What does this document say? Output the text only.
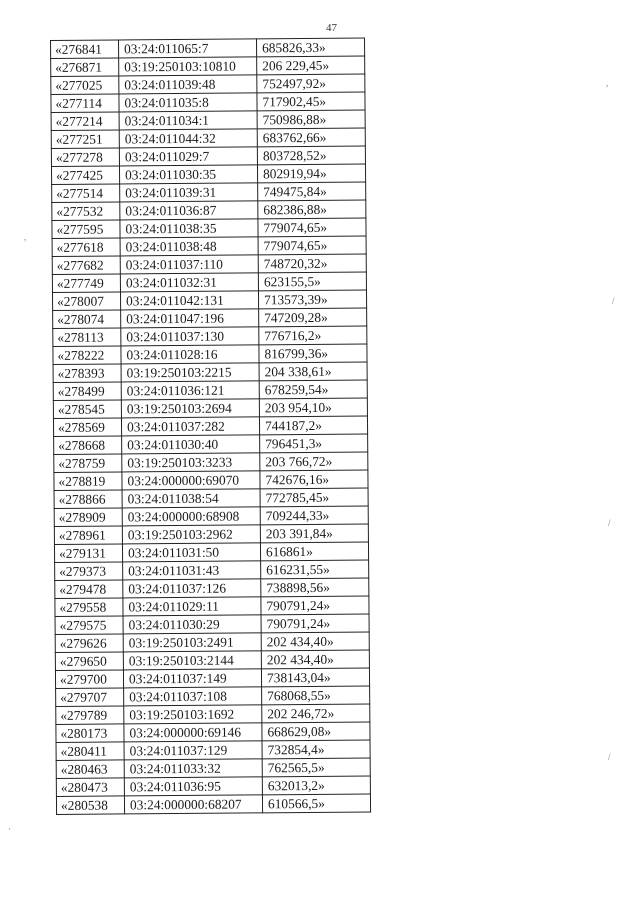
47
«276841	03:24:011065:7	685826,33»
«276871	03:19:250103:10810	206 229,45»
«277025	03:24:011039:48	752497,92»
«277114	03:24:011035:8	717902,45»
«277214	03:24:011034:1	750986,88»
«277251	03:24:011044:32	683762,66»
«277278	03:24:011029:7	803728,52»
«277425	03:24:011030:35	802919,94»
«277514	03:24:011039:31	749475,84»
«277532	03:24:011036:87	682386,88»
«277595	03:24:011038:35	779074,65»
«277618	03:24:011038:48	779074,65»
«277682	03:24:011037:110	748720,32»
«277749	03:24:011032:31	623155,5»
«278007	03:24:011042:131	713573,39»
«278074	03:24:011047:196	747209,28»
«278113	03:24:011037:130	776716,2»
«278222	03:24:011028:16	816799,36»
«278393	03:19:250103:2215	204 338,61»
«278499	03:24:011036:121	678259,54»
«278545	03:19:250103:2694	203 954,10»
«278569	03:24:011037:282	744187,2»
«278668	03:24:011030:40	796451,3»
«278759	03:19:250103:3233	203 766,72»
«278819	03:24:000000:69070	742676,16»
«278866	03:24:011038:54	772785,45»
«278909	03:24:000000:68908	709244,33»
«278961	03:19:250103:2962	203 391,84»
«279131	03:24:011031:50	616861»
«279373	03:24:011031:43	616231,55»
«279478	03:24:011037:126	738898,56»
«279558	03:24:011029:11	790791,24»
«279575	03:24:011030:29	790791,24»
«279626	03:19:250103:2491	202 434,40»
«279650	03:19:250103:2144	202 434,40»
«279700	03:24:011037:149	738143,04»
«279707	03:24:011037:108	768068,55»
«279789	03:19:250103:1692	202 246,72»
«280173	03:24:000000:69146	668629,08»
«280411	03:24:011037:129	732854,4»
«280463	03:24:011033:32	762565,5»
«280473	03:24:011036:95	632013,2»
«280538	03:24:000000:68207	610566,5»
,
/
/
/
,
·
